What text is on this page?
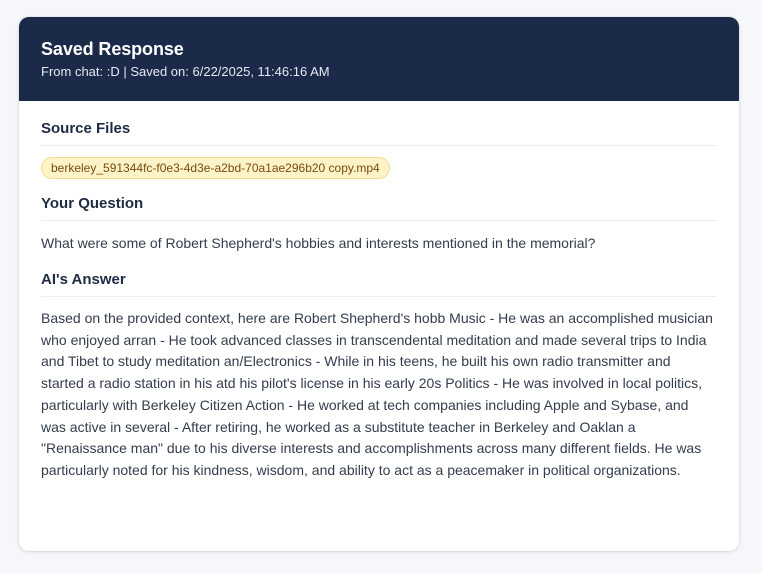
Saved Response
From chat: :D | Saved on: 6/22/2025, 11:46:16 AM
Source Files
berkeley_591344fc-f0e3-4d3e-a2bd-70a1ae296b20 copy.mp4
Your Question
What were some of Robert Shepherd's hobbies and interests mentioned in the memorial?
AI's Answer
Based on the provided context, here are Robert Shepherd's hobb Music - He was an accomplished musician who enjoyed arran - He took advanced classes in transcendental meditation and made several trips to India and Tibet to study meditation an/Electronics - While in his teens, he built his own radio transmitter and started a radio station in his atd his pilot's license in his early 20s Politics - He was involved in local politics, particularly with Berkeley Citizen Action - He worked at tech companies including Apple and Sybase, and was active in several - After retiring, he worked as a substitute teacher in Berkeley and Oaklan a "Renaissance man" due to his diverse interests and accomplishments across many different fields. He was particularly noted for his kindness, wisdom, and ability to act as a peacemaker in political organizations.
